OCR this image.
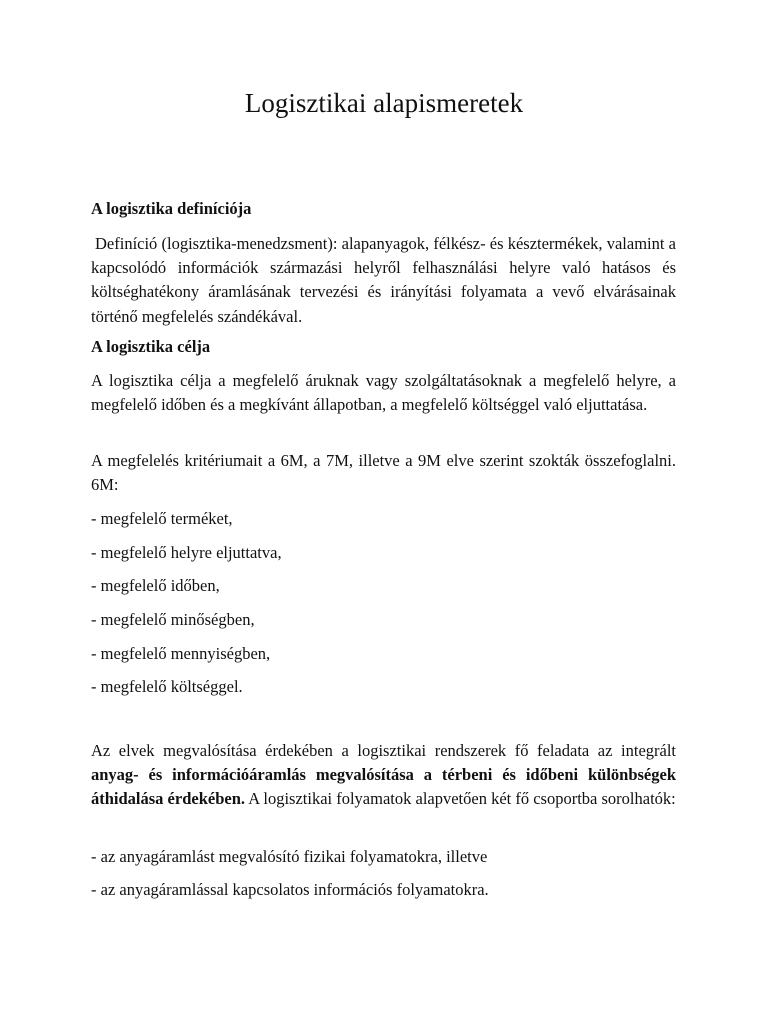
Logisztikai alapismeretek

A logisztika definíciója

Definíció (logisztika-menedzsment): alapanyagok, félkész- és késztermékek, valamint a kapcsolódó információk származási helyről felhasználási helyre való hatásos és költséghatékony áramlásának tervezési és irányítási folyamata a vevő elvárásainak történő megfelelés szándékával.

A logisztika célja

A logisztika célja a megfelelő áruknak vagy szolgáltatásoknak a megfelelő helyre, a megfelelő időben és a megkívánt állapotban, a megfelelő költséggel való eljuttatása.

A megfelelés kritériumait a 6M, a 7M, illetve a 9M elve szerint szokták összefoglalni. 6M:

- megfelelő terméket,

- megfelelő helyre eljuttatva,

- megfelelő időben,

- megfelelő minőségben,

- megfelelő mennyiségben,

- megfelelő költséggel.

Az elvek megvalósítása érdekében a logisztikai rendszerek fő feladata az integrált anyag- és információáramlás megvalósítása a térbeni és időbeni különbségek áthidalása érdekében. A logisztikai folyamatok alapvetően két fő csoportba sorolhatók:

- az anyagáramlást megvalósító fizikai folyamatokra, illetve

- az anyagáramlással kapcsolatos információs folyamatokra.
